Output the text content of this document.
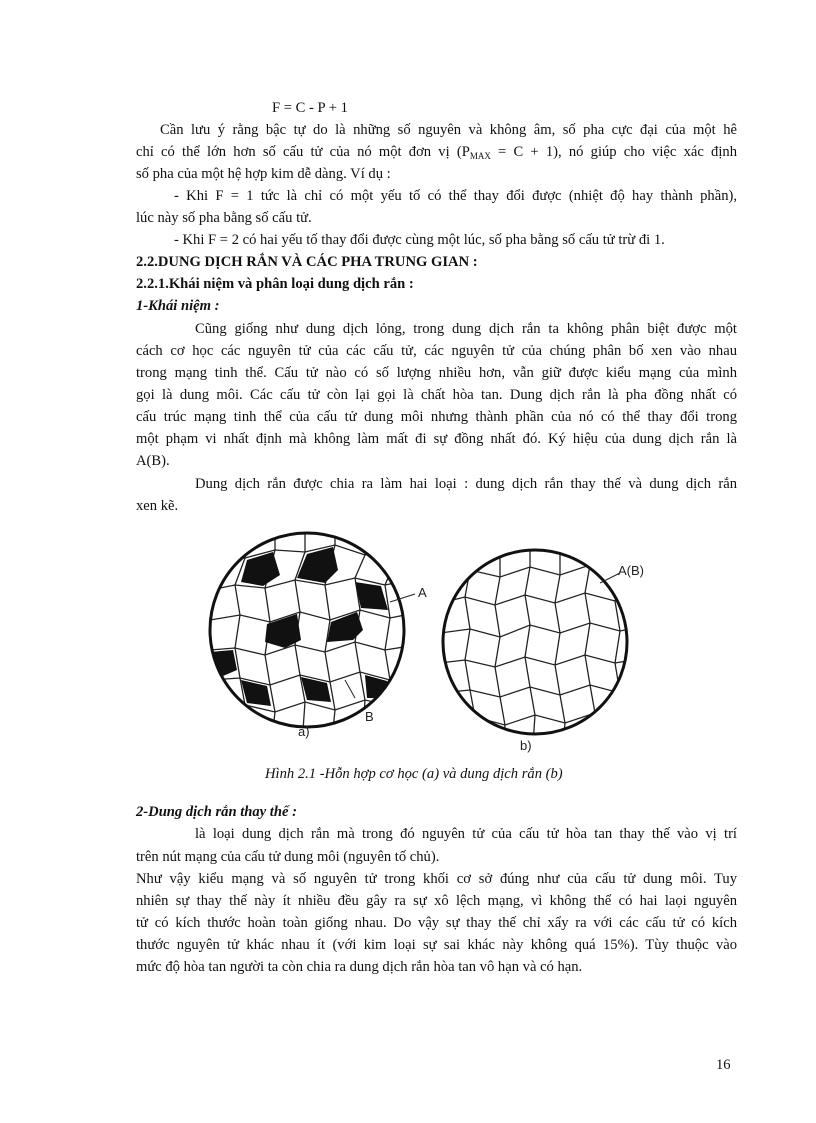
F = C - P + 1
Cần lưu ý rằng bậc tự do là những số nguyên và không âm, số pha cực đại của một hê
chỉ có thể lớn hơn số cấu tử của nó một đơn vị $(P_{MAX} = C + 1)$, nó giúp cho việc xác định
số pha của một hệ hợp kim dễ dàng. Ví dụ :
- Khi F = 1 tức là chỉ có một yếu tố có thể thay đổi được (nhiệt độ hay thành phần),
lúc này số pha bằng số cấu tử.
- Khi F = 2 có hai yếu tố thay đổi được cùng một lúc, số pha bằng số cấu tử trừ đi 1.
2.2.DUNG DỊCH RẮN VÀ CÁC PHA TRUNG GIAN :
2.2.1.Khái niệm và phân loại dung dịch rắn :
1-Khái niệm :
Cũng giống như dung dịch lỏng, trong dung dịch rắn ta không phân biệt được một
cách cơ học các nguyên tử của các cấu tử, các nguyên tử của chúng phân bố xen vào nhau
trong mạng tinh thể. Cấu tử nào có số lượng nhiều hơn, vẫn giữ được kiểu mạng của mình
gọi là dung môi. Các cấu tử còn lại gọi là chất hòa tan. Dung dịch rắn là pha đồng nhất có
cấu trúc mạng tinh thể của cấu tử dung môi nhưng thành phần của nó có thể thay đổi trong
một phạm vi nhất định mà không làm mất đi sự đồng nhất đó. Ký hiệu của dung dịch rắn là
A(B).
Dung dịch rắn được chia ra làm hai loại : dung dịch rắn thay thế và dung dịch rắn
xen kẽ.
A
B
a)
A(B)
b)
Hình 2.1 -Hỗn hợp cơ học (a) và dung dịch rắn (b)
2-Dung dịch rắn thay thế :
là loại dung dịch rắn mà trong đó nguyên tử của cấu tử hòa tan thay thế vào vị trí
trên nút mạng của cấu tử dung môi (nguyên tố chủ).
Như vậy kiểu mạng và số nguyên tử trong khối cơ sở đúng như của cấu tử dung môi. Tuy
nhiên sự thay thế này ít nhiều đều gây ra sự xô lệch mạng, vì không thể có hai laọi nguyên
tử có kích thước hoàn toàn giống nhau. Do vậy sự thay thế chỉ xẩy ra với các cấu tử có kích
thước nguyên tử khác nhau ít (với kim loại sự sai khác này không quá 15%). Tùy thuộc vào
mức độ hòa tan người ta còn chia ra dung dịch rắn hòa tan vô hạn và có hạn.
16
